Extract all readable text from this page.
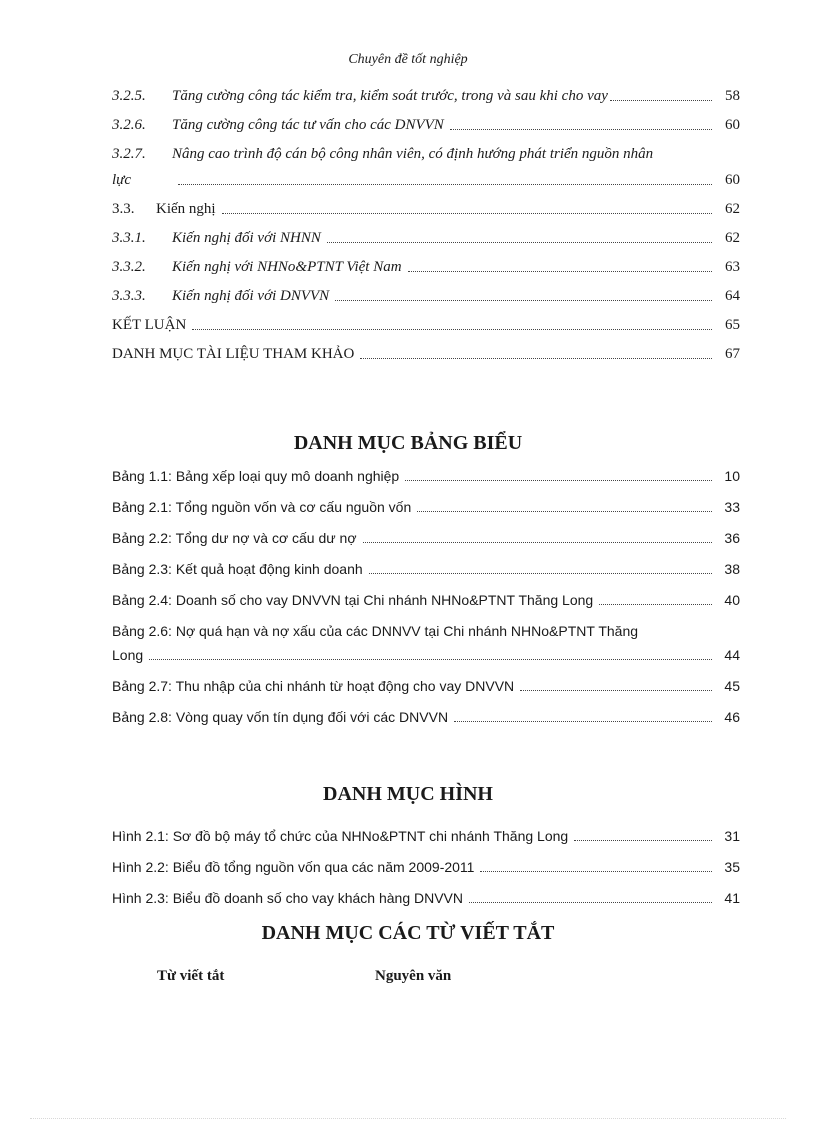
Chuyên đề tốt nghiệp
3.2.5. Tăng cường công tác kiểm tra, kiểm soát trước, trong và sau khi cho vay	58
3.2.6. Tăng cường công tác tư vấn cho các DNVVN	60
3.2.7. Nâng cao trình độ cán bộ công nhân viên, có định hướng phát triển nguồn nhân
lực	60
3.3. Kiến nghị	62
3.3.1. Kiến nghị đối với NHNN	62
3.3.2. Kiến nghị với NHNo&PTNT Việt Nam	63
3.3.3. Kiến nghị đối với DNVVN	64
KẾT LUẬN	65
DANH MỤC TÀI LIỆU THAM KHẢO	67
DANH MỤC BẢNG BIỂU
Bảng 1.1: Bảng xếp loại quy mô doanh nghiệp	10
Bảng 2.1: Tổng nguồn vốn và cơ cấu nguồn vốn	33
Bảng 2.2: Tổng dư nợ và cơ cấu dư nợ	36
Bảng 2.3: Kết quả hoạt động kinh doanh	38
Bảng 2.4: Doanh số cho vay DNVVN tại Chi nhánh NHNo&PTNT Thăng Long	40
Bảng 2.6: Nợ quá hạn và nợ xấu của các DNNVV tại Chi nhánh NHNo&PTNT Thăng
Long	44
Bảng 2.7: Thu nhập của chi nhánh từ hoạt động cho vay DNVVN	45
Bảng 2.8: Vòng quay vốn tín dụng đối với các DNVVN	46
DANH MỤC HÌNH
Hình 2.1: Sơ đồ bộ máy tổ chức của NHNo&PTNT chi nhánh Thăng Long	31
Hình 2.2: Biểu đồ tổng nguồn vốn qua các năm 2009-2011	35
Hình 2.3: Biểu đồ doanh số cho vay khách hàng DNVVN	41
DANH MỤC CÁC TỪ VIẾT TẮT
Từ viết tắt	Nguyên văn
